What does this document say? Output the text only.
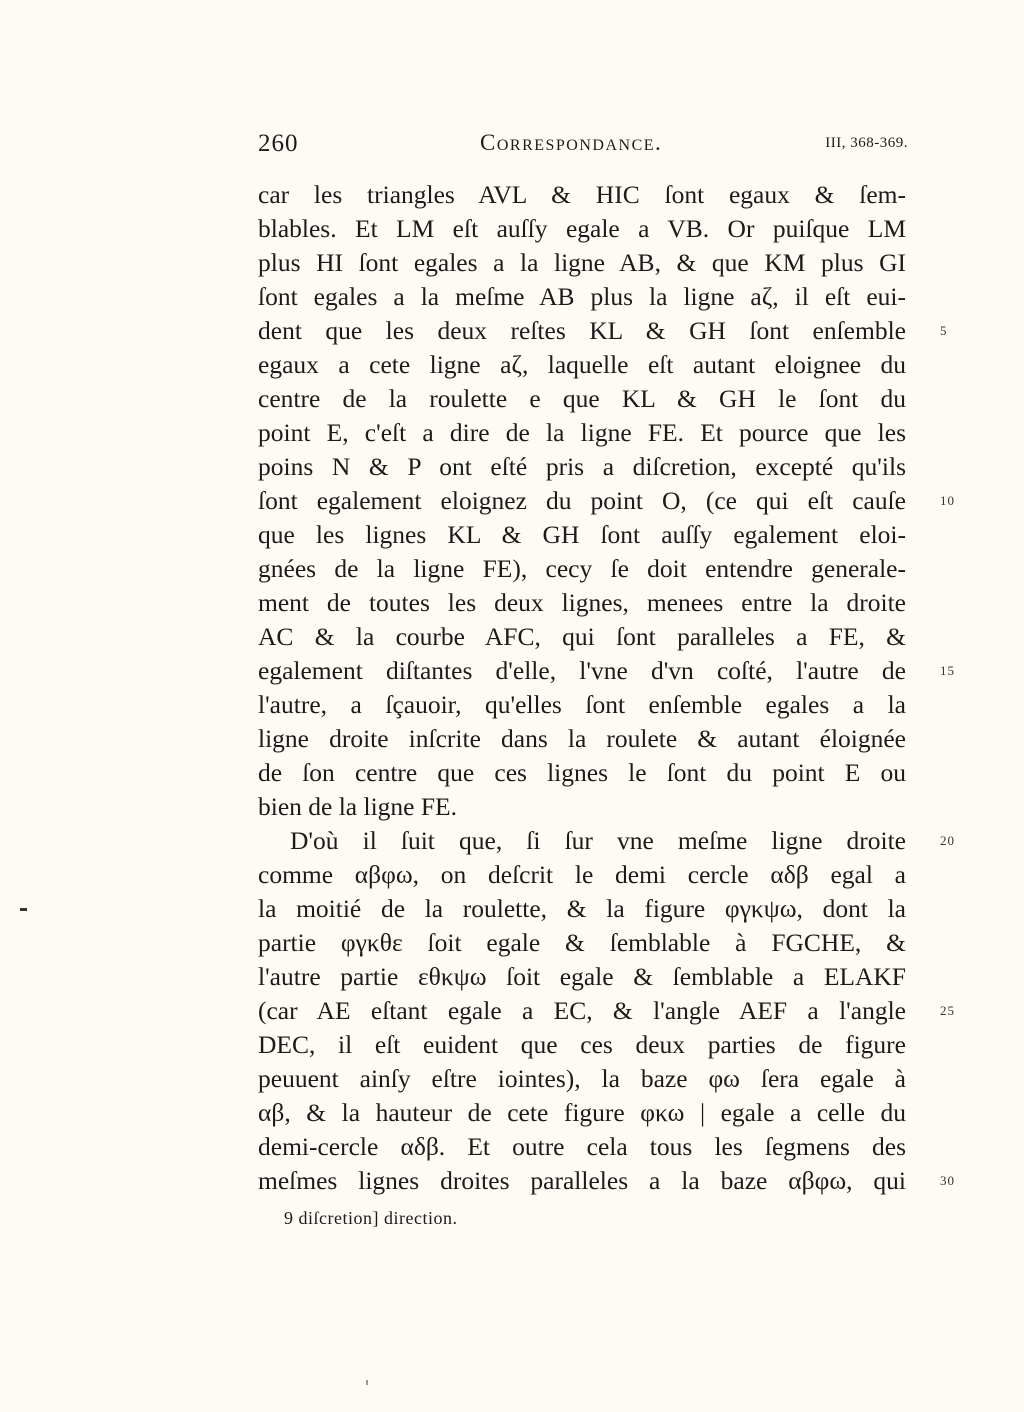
260	Correspondance.	III, 368-369.
car les triangles AVL & HIC ſont egaux & ſem-
blables. Et LM eſt auſſy egale a VB. Or puiſque LM
plus HI ſont egales a la ligne AB, & que KM plus GI
ſont egales a la meſme AB plus la ligne aζ, il eſt eui-
dent que les deux reſtes KL & GH ſont enſemble	5
egaux a cete ligne aζ, laquelle eſt autant eloignee du
centre de la roulette e que KL & GH le ſont du
point E, c'eſt a dire de la ligne FE. Et pource que les
poins N & P ont eſté pris a diſcretion, excepté qu'ils
ſont egalement eloignez du point O, (ce qui eſt cauſe	10
que les lignes KL & GH ſont auſſy egalement eloi-
gnées de la ligne FE), cecy ſe doit entendre generale-
ment de toutes les deux lignes, menees entre la droite
AC & la courbe AFC, qui ſont paralleles a FE, &
egalement diſtantes d'elle, l'vne d'vn coſté, l'autre de	15
l'autre, a ſçauoir, qu'elles ſont enſemble egales a la
ligne droite inſcrite dans la roulete & autant éloignée
de ſon centre que ces lignes le ſont du point E ou
bien de la ligne FE.
D'où il ſuit que, ſi ſur vne meſme ligne droite	20
comme αβφω, on deſcrit le demi cercle αδβ egal a
la moitié de la roulette, & la figure φγκψω, dont la
partie φγκθε ſoit egale & ſemblable à FGCHE, &
l'autre partie εθκψω ſoit egale & ſemblable a ELAKF
(car AE eſtant egale a EC, & l'angle AEF a l'angle	25
DEC, il eſt euident que ces deux parties de figure
peuuent ainſy eſtre iointes), la baze φω ſera egale à
αβ, & la hauteur de cete figure φκω | egale a celle du
demi-cercle αδβ. Et outre cela tous les ſegmens des
meſmes lignes droites paralleles a la baze αβφω, qui	30
9 diſcretion] direction.
